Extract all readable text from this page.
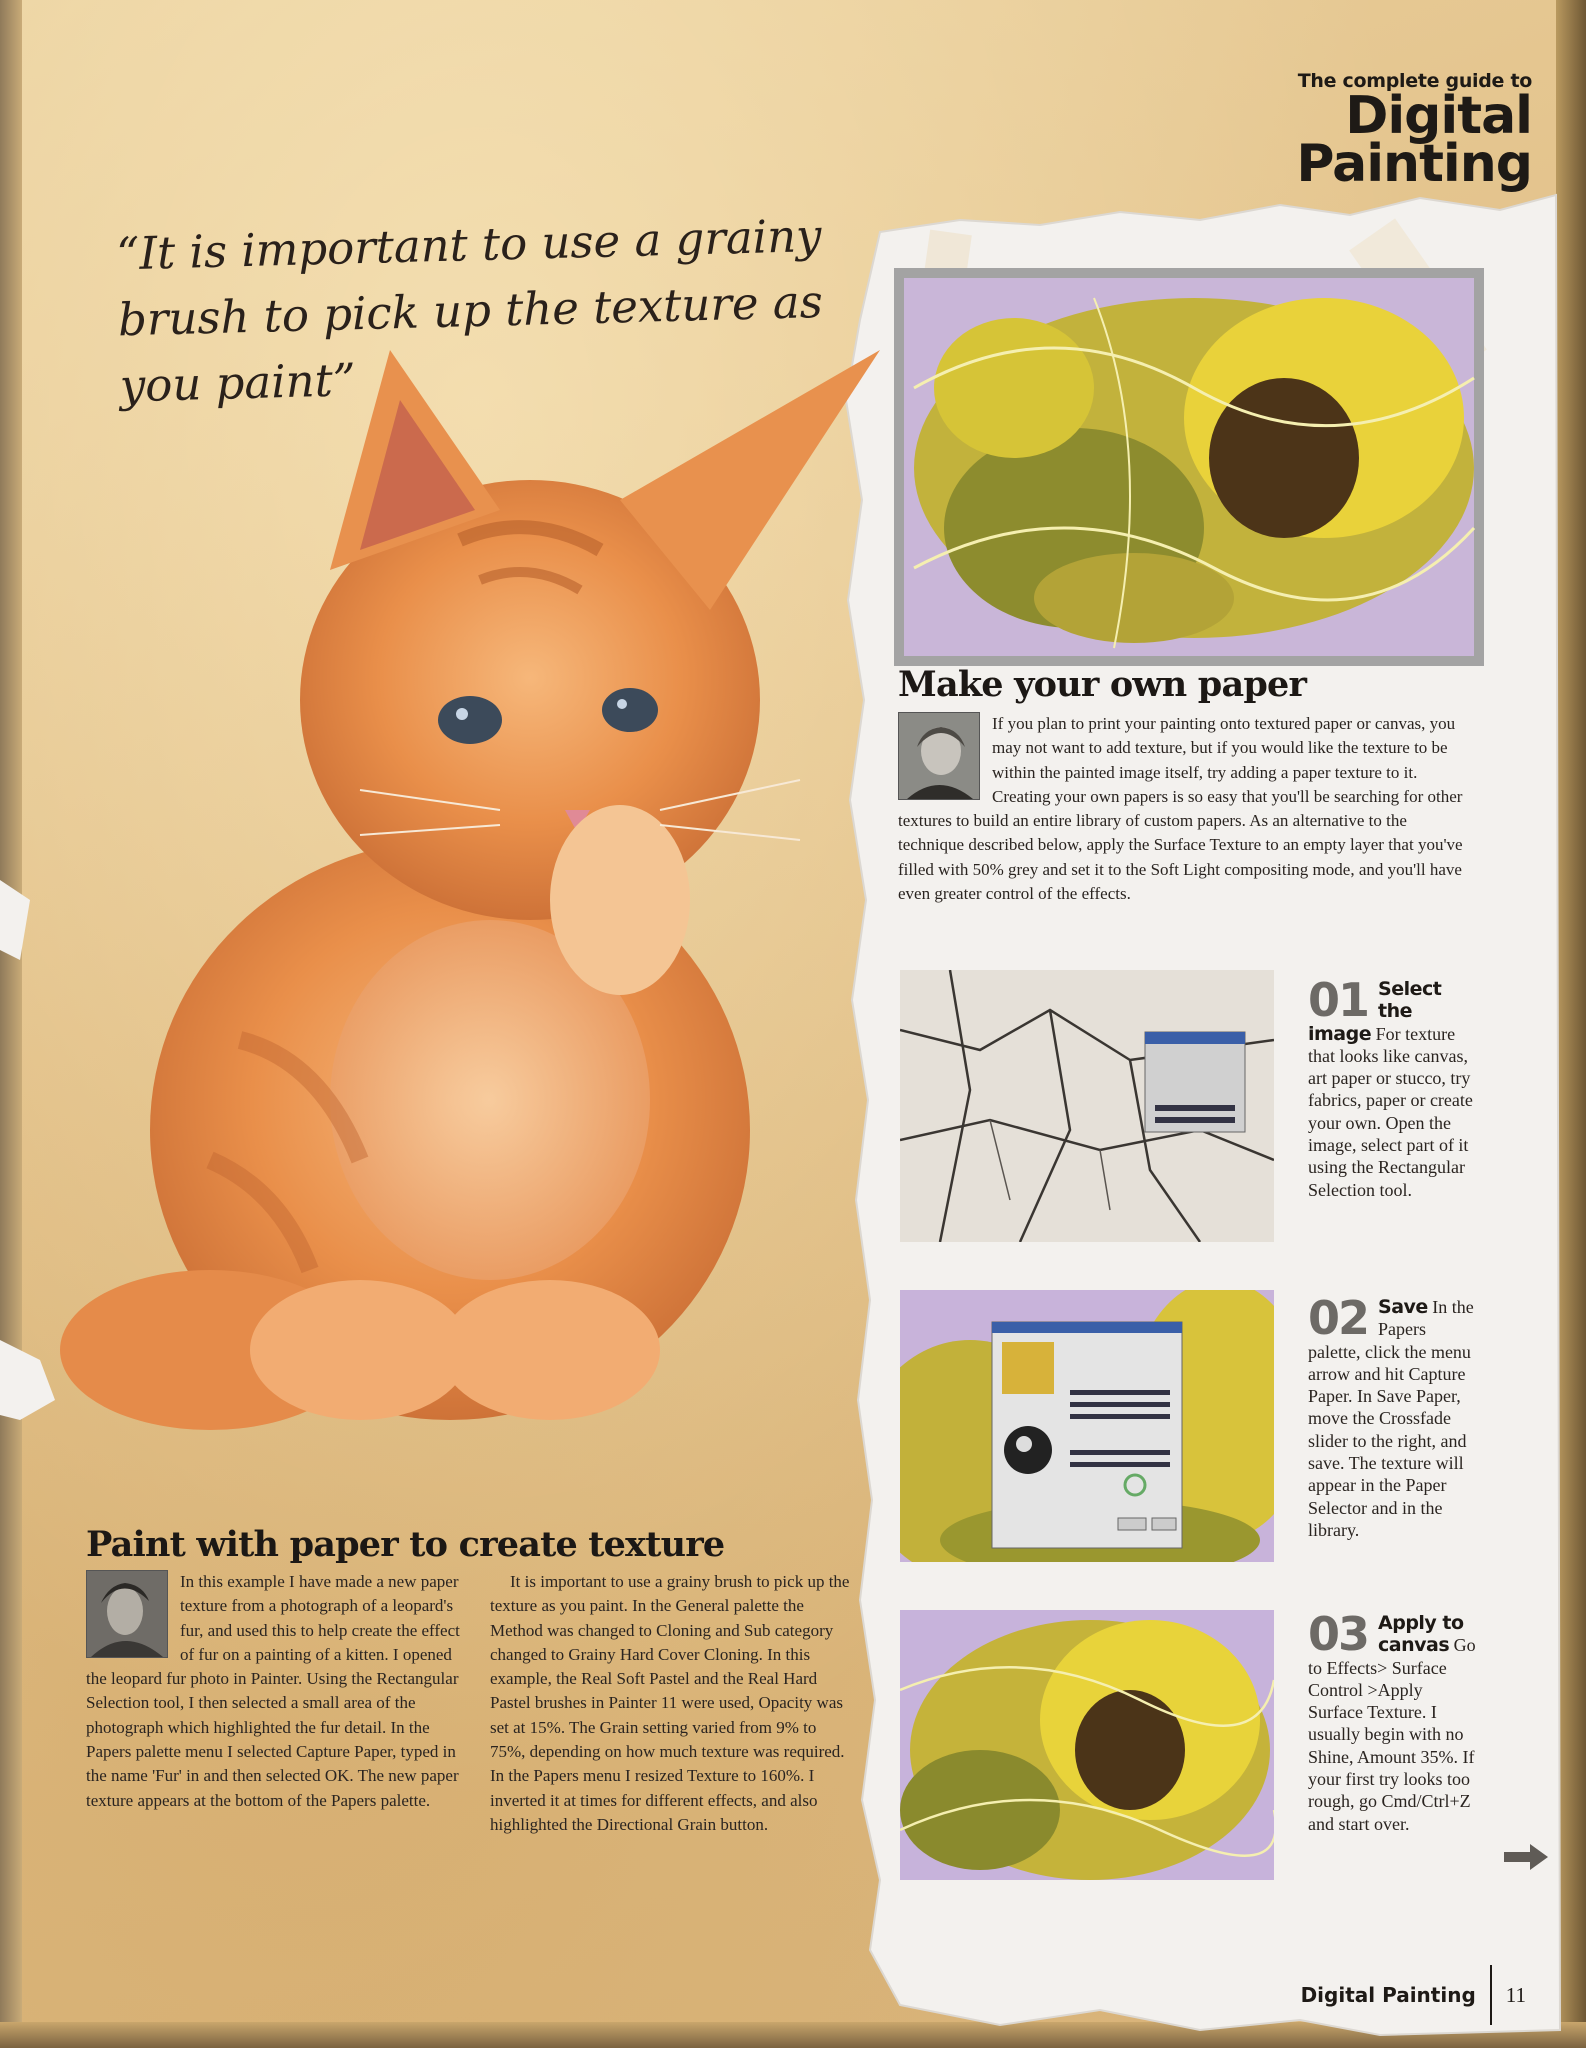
The complete guide to
Digital
Painting
“It is important to use a grainy brush to pick up the texture as you paint”
Make your own paper

If you plan to print your painting onto textured paper or canvas, you may not want to add texture, but if you would like the texture to be within the painted image itself, try adding a paper texture to it. Creating your own papers is so easy that you'll be searching for other textures to build an entire library of custom papers. As an alternative to the technique described below, apply the Surface Texture to an empty layer that you've filled with 50% grey and set it to the Soft Light compositing mode, and you'll have even greater control of the effects.

01 Select the image For texture that looks like canvas, art paper or stucco, try fabrics, paper or create your own. Open the image, select part of it using the Rectangular Selection tool.
02 Save In the Papers palette, click the menu arrow and hit Capture Paper. In Save Paper, move the Crossfade slider to the right, and save. The texture will appear in the Paper Selector and in the library.
03 Apply to canvas Go to Effects> Surface Control >Apply Surface Texture. I usually begin with no Shine, Amount 35%. If your first try looks too rough, go Cmd/Ctrl+Z and start over.
Paint with paper to create texture

In this example I have made a new paper texture from a photograph of a leopard's fur, and used this to help create the effect of fur on a painting of a kitten. I opened the leopard fur photo in Painter. Using the Rectangular Selection tool, I then selected a small area of the photograph which highlighted the fur detail. In the Papers palette menu I selected Capture Paper, typed in the name 'Fur' in and then selected OK. The new paper texture appears at the bottom of the Papers palette.

It is important to use a grainy brush to pick up the texture as you paint. In the General palette the Method was changed to Cloning and Sub category changed to Grainy Hard Cover Cloning. In this example, the Real Soft Pastel and the Real Hard Pastel brushes in Painter 11 were used, Opacity was set at 15%. The Grain setting varied from 9% to 75%, depending on how much texture was required. In the Papers menu I resized Texture to 160%. I inverted it at times for different effects, and also highlighted the Directional Grain button.
Digital Painting 11
